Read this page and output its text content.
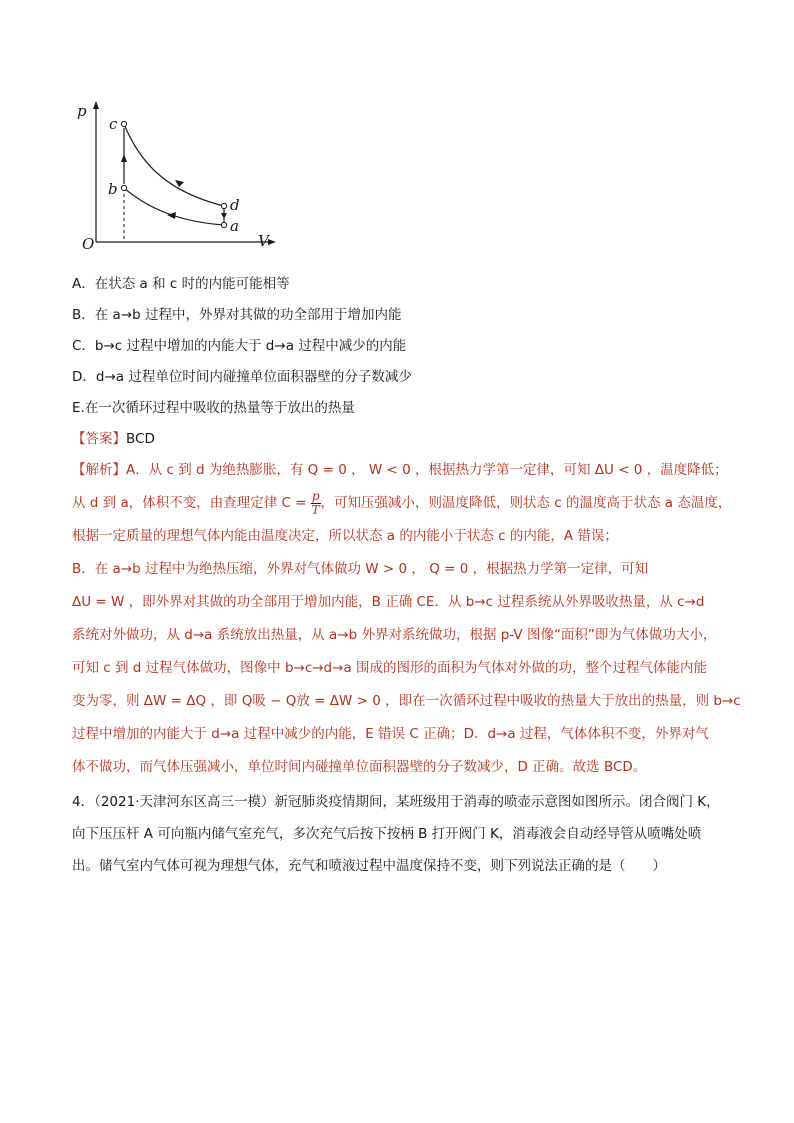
p
V
O
c
b
d
a
A．在状态 a 和 c 时的内能可能相等
B．在 a→b 过程中，外界对其做的功全部用于增加内能
C．b→c 过程中增加的内能大于 d→a 过程中减少的内能
D．d→a 过程单位时间内碰撞单位面积器壁的分子数减少
E.在一次循环过程中吸收的热量等于放出的热量
【答案】 BCD
【解析】A．从 c 到 d 为绝热膨胀，有 Q = 0 ， W < 0 ，根据热力学第一定律，可知 ΔU < 0 ，温度降低；
从 d 到 a，体积不变，由查理定律 $C = \frac{p}{T}$ ，可知压强减小，则温度降低，则状态 c 的温度高于状态 a 态温度，
根据一定质量的理想气体内能由温度决定，所以状态 a 的内能小于状态 c 的内能，A 错误；
B．在 a→b 过程中为绝热压缩，外界对气体做功 W > 0 ， Q = 0 ，根据热力学第一定律，可知
ΔU = W ，即外界对其做的功全部用于增加内能，B 正确 CE．从 b→c 过程系统从外界吸收热量，从 c→d
系统对外做功，从 d→a 系统放出热量，从 a→b 外界对系统做功，根据 p-V 图像“面积”即为气体做功大小，
可知 c 到 d 过程气体做功，图像中 b→c→d→a 围成的图形的面积为气体对外做的功，整个过程气体能内能
变为零，则 ΔW = ΔQ ，即 Q吸 − Q放 = ΔW > 0 ，即在一次循环过程中吸收的热量大于放出的热量，则 b→c
过程中增加的内能大于 d→a 过程中减少的内能，E 错误 C 正确；D．d→a 过程，气体体积不变，外界对气
体不做功，而气体压强减小，单位时间内碰撞单位面积器壁的分子数减少，D 正确。故选 BCD。
4．（2021·天津河东区高三一模）新冠肺炎疫情期间，某班级用于消毒的喷壶示意图如图所示。闭合阀门 K，
向下压压杆 A 可向瓶内储气室充气，多次充气后按下按柄 B 打开阀门 K，消毒液会自动经导管从喷嘴处喷
出。储气室内气体可视为理想气体，充气和喷液过程中温度保持不变，则下列说法正确的是（　　）
